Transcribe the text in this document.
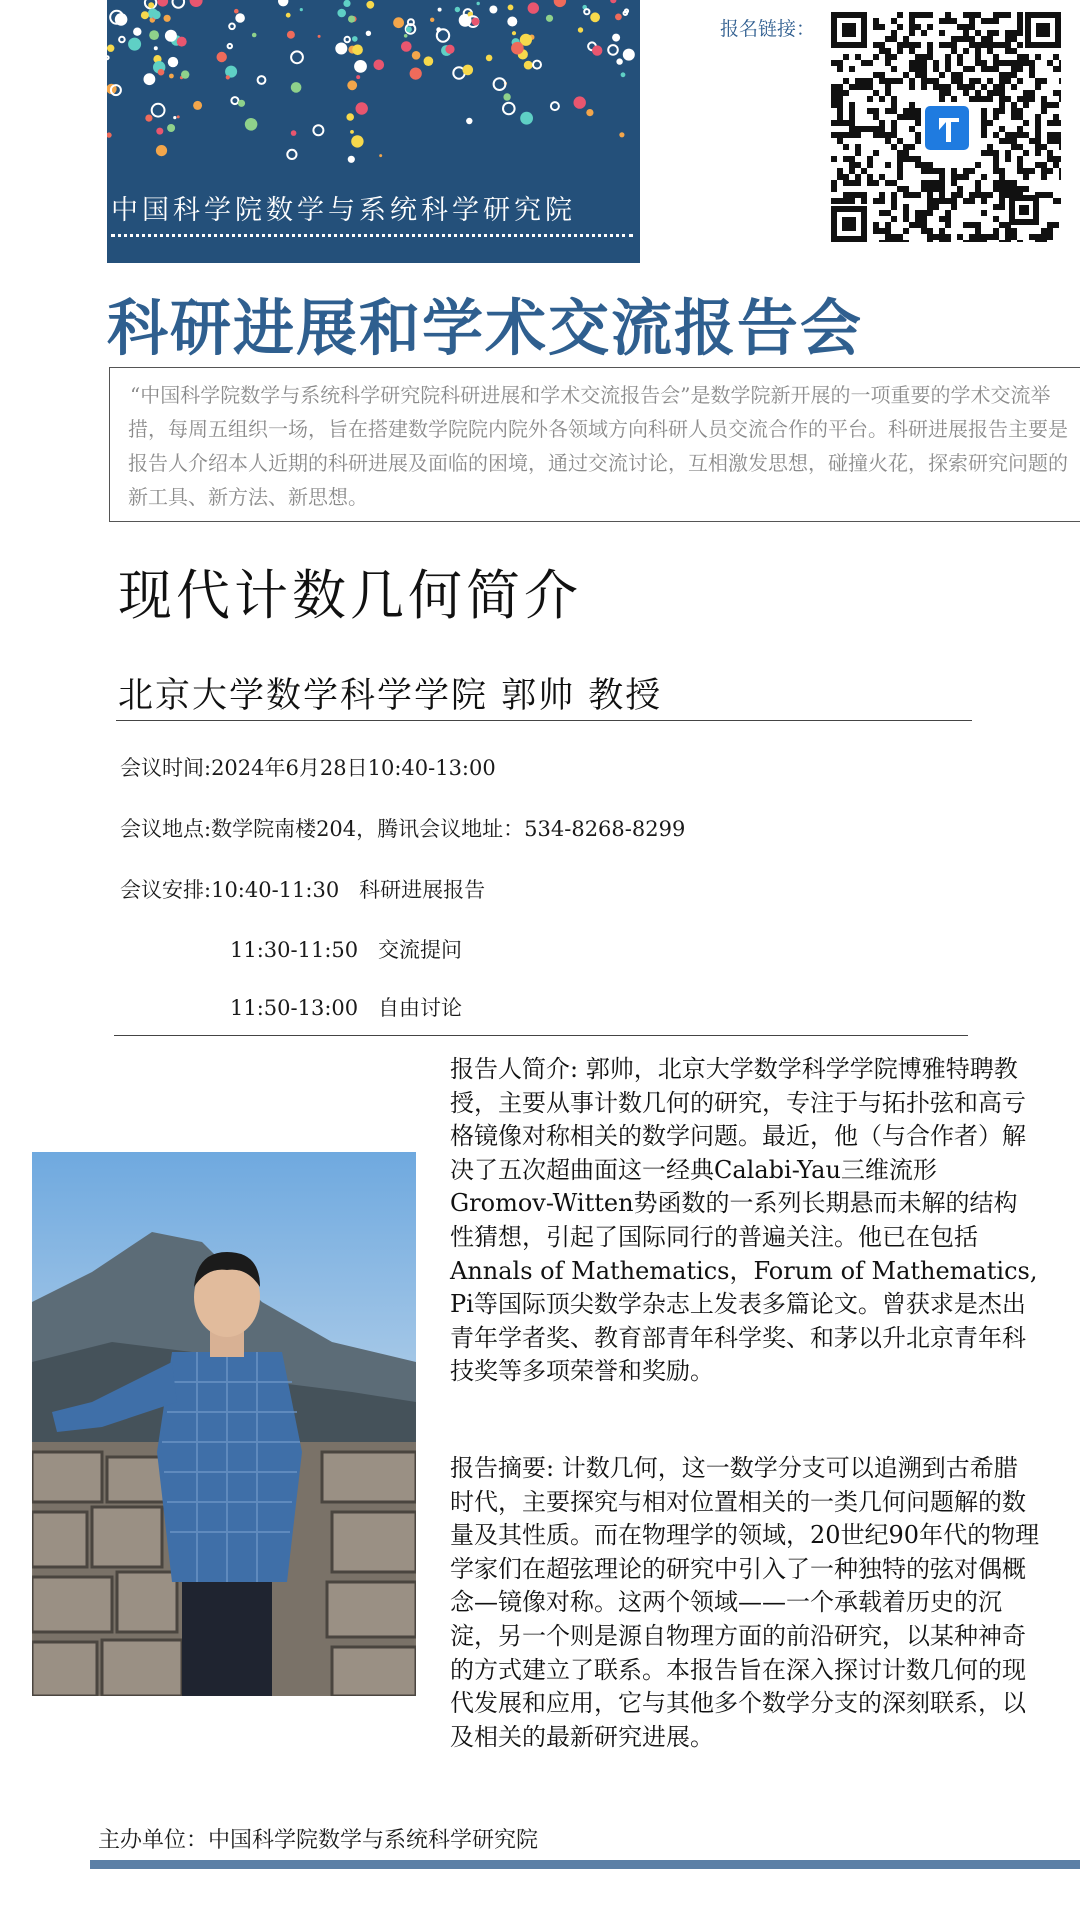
中国科学院数学与系统科学研究院
报名链接：
科研进展和学术交流报告会
“中国科学院数学与系统科学研究院科研进展和学术交流报告会”是数学院新开展的一项重要的学术交流举措，每周五组织一场，旨在搭建数学院院内院外各领域方向科研人员交流合作的平台。科研进展报告主要是报告人介绍本人近期的科研进展及面临的困境，通过交流讨论，互相激发思想，碰撞火花，探索研究问题的新工具、新方法、新思想。
现代计数几何简介
北京大学数学科学学院 郭帅 教授
会议时间:2024年6月28日10:40-13:00
会议地点:数学院南楼204，腾讯会议地址：534-8268-8299
会议安排:10:40-11:30 科研进展报告
11:30-11:50 交流提问
11:50-13:00 自由讨论
报告人简介: 郭帅，北京大学数学科学学院博雅特聘教授，主要从事计数几何的研究，专注于与拓扑弦和高亏格镜像对称相关的数学问题。最近，他（与合作者）解决了五次超曲面这一经典Calabi-Yau三维流形Gromov-Witten势函数的一系列长期悬而未解的结构性猜想，引起了国际同行的普遍关注。他已在包括Annals of Mathematics，Forum of Mathematics, Pi等国际顶尖数学杂志上发表多篇论文。曾获求是杰出青年学者奖、教育部青年科学奖、和茅以升北京青年科技奖等多项荣誉和奖励。
报告摘要: 计数几何，这一数学分支可以追溯到古希腊时代，主要探究与相对位置相关的一类几何问题解的数量及其性质。而在物理学的领域，20世纪90年代的物理学家们在超弦理论的研究中引入了一种独特的弦对偶概念—镜像对称。这两个领域——一个承载着历史的沉淀，另一个则是源自物理方面的前沿研究，以某种神奇的方式建立了联系。本报告旨在深入探讨计数几何的现代发展和应用，它与其他多个数学分支的深刻联系，以及相关的最新研究进展。
主办单位：中国科学院数学与系统科学研究院
